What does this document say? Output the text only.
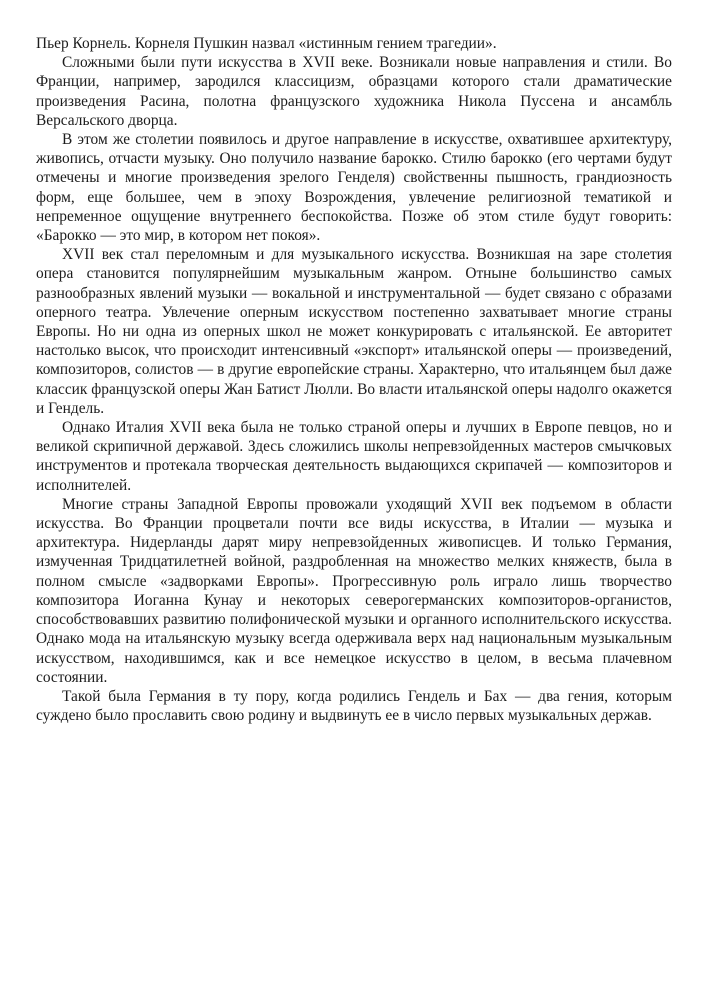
Пьер Корнель. Корнеля Пушкин назвал «истинным гением трагедии».

Сложными были пути искусства в XVII веке. Возникали новые направления и стили. Во Франции, например, зародился классицизм, образцами которого стали драматические произведения Расина, полотна французского художника Никола Пуссена и ансамбль Версальского дворца.

В этом же столетии появилось и другое направление в искусстве, охватившее архитектуру, живопись, отчасти музыку. Оно получило название барокко. Стилю барокко (его чертами будут отмечены и многие произведения зрелого Генделя) свойственны пышность, грандиозность форм, еще большее, чем в эпоху Возрождения, увлечение религиозной тематикой и непременное ощущение внутреннего беспокойства. Позже об этом стиле будут говорить: «Барокко — это мир, в котором нет покоя».

XVII век стал переломным и для музыкального искусства. Возникшая на заре столетия опера становится популярнейшим музыкальным жанром. Отныне большинство самых разнообразных явлений музыки — вокальной и инструментальной — будет связано с образами оперного театра. Увлечение оперным искусством постепенно захватывает многие страны Европы. Но ни одна из оперных школ не может конкурировать с итальянской. Ее авторитет настолько высок, что происходит интенсивный «экспорт» итальянской оперы — произведений, композиторов, солистов — в другие европейские страны. Характерно, что итальянцем был даже классик французской оперы Жан Батист Люлли. Во власти итальянской оперы надолго окажется и Гендель.

Однако Италия XVII века была не только страной оперы и лучших в Европе певцов, но и великой скрипичной державой. Здесь сложились школы непревзойденных мастеров смычковых инструментов и протекала творческая деятельность выдающихся скрипачей — композиторов и исполнителей.

Многие страны Западной Европы провожали уходящий XVII век подъемом в области искусства. Во Франции процветали почти все виды искусства, в Италии — музыка и архитектура. Нидерланды дарят миру непревзойденных живописцев. И только Германия, измученная Тридцатилетней войной, раздробленная на множество мелких княжеств, была в полном смысле «задворками Европы». Прогрессивную роль играло лишь творчество композитора Иоганна Кунау и некоторых северогерманских композиторов-органистов, способствовавших развитию полифонической музыки и органного исполнительского искусства. Однако мода на итальянскую музыку всегда одерживала верх над национальным музыкальным искусством, находившимся, как и все немецкое искусство в целом, в весьма плачевном состоянии.

Такой была Германия в ту пору, когда родились Гендель и Бах — два гения, которым суждено было прославить свою родину и выдвинуть ее в число первых музыкальных держав.
